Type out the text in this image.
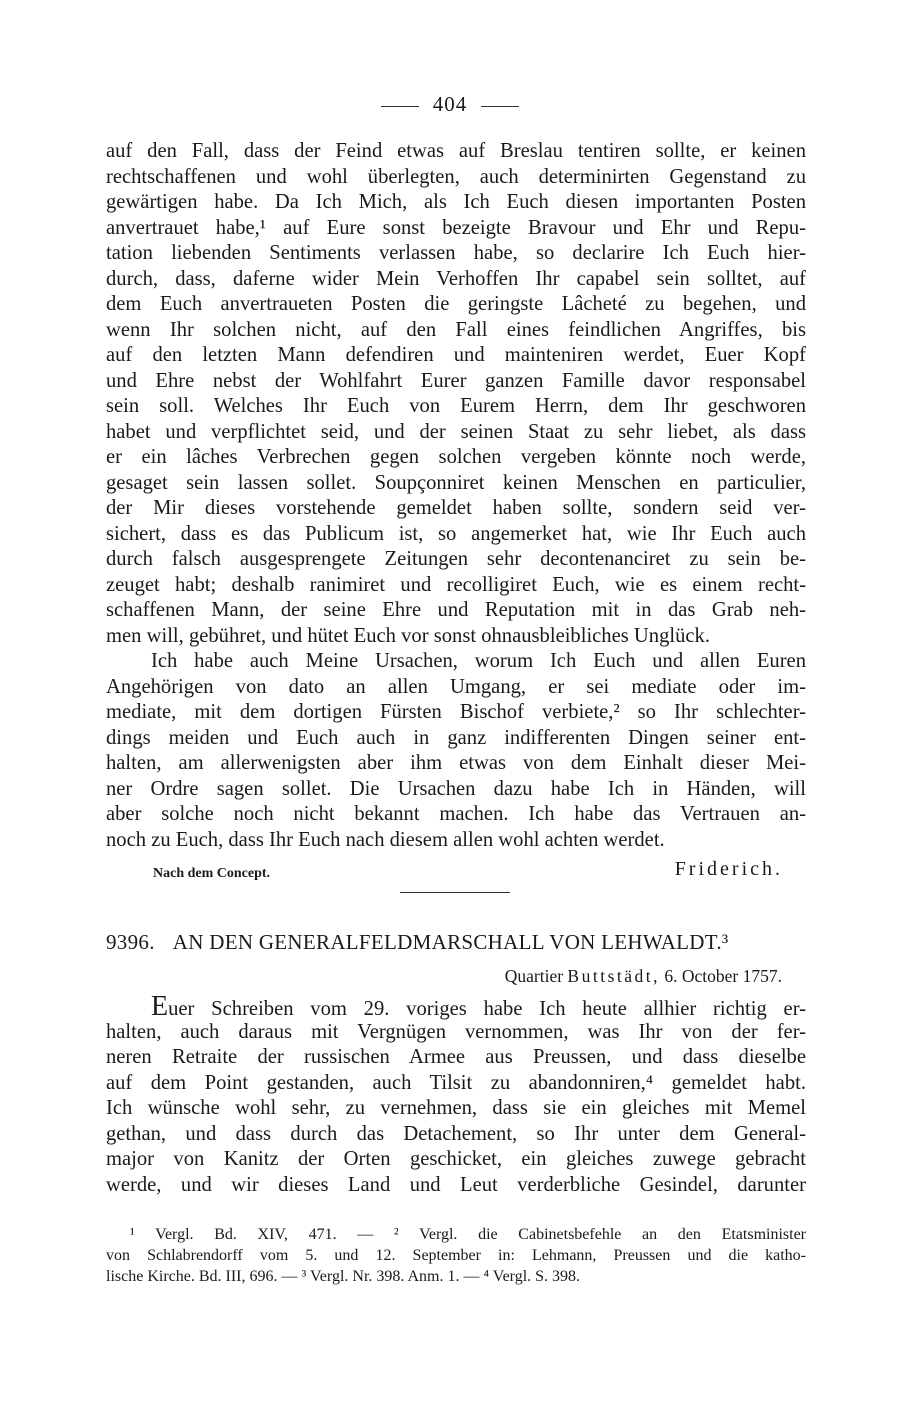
404
auf den Fall, dass der Feind etwas auf Breslau tentiren sollte, er keinen
rechtschaffenen und wohl überlegten, auch determinirten Gegenstand zu
gewärtigen habe. Da Ich Mich, als Ich Euch diesen importanten Posten
anvertrauet habe,¹ auf Eure sonst bezeigte Bravour und Ehr und Repu-
tation liebenden Sentiments verlassen habe, so declarire Ich Euch hier-
durch, dass, daferne wider Mein Verhoffen Ihr capabel sein solltet, auf
dem Euch anvertraueten Posten die geringste Lâcheté zu begehen, und
wenn Ihr solchen nicht, auf den Fall eines feindlichen Angriffes, bis
auf den letzten Mann defendiren und mainteniren werdet, Euer Kopf
und Ehre nebst der Wohlfahrt Eurer ganzen Famille davor responsabel
sein soll. Welches Ihr Euch von Eurem Herrn, dem Ihr geschworen
habet und verpflichtet seid, und der seinen Staat zu sehr liebet, als dass
er ein lâches Verbrechen gegen solchen vergeben könnte noch werde,
gesaget sein lassen sollet. Soupçonniret keinen Menschen en particulier,
der Mir dieses vorstehende gemeldet haben sollte, sondern seid ver-
sichert, dass es das Publicum ist, so angemerket hat, wie Ihr Euch auch
durch falsch ausgesprengete Zeitungen sehr decontenanciret zu sein be-
zeuget habt; deshalb ranimiret und recolligiret Euch, wie es einem recht-
schaffenen Mann, der seine Ehre und Reputation mit in das Grab neh-
men will, gebühret, und hütet Euch vor sonst ohnausbleibliches Unglück.
Ich habe auch Meine Ursachen, worum Ich Euch und allen Euren
Angehörigen von dato an allen Umgang, er sei mediate oder im-
mediate, mit dem dortigen Fürsten Bischof verbiete,² so Ihr schlechter-
dings meiden und Euch auch in ganz indifferenten Dingen seiner ent-
halten, am allerwenigsten aber ihm etwas von dem Einhalt dieser Mei-
ner Ordre sagen sollet. Die Ursachen dazu habe Ich in Händen, will
aber solche noch nicht bekannt machen. Ich habe das Vertrauen an-
noch zu Euch, dass Ihr Euch nach diesem allen wohl achten werdet.
Nach dem Concept.	Friderich.
9396. AN DEN GENERALFELDMARSCHALL VON LEHWALDT.³
Quartier Buttstädt, 6. October 1757.
Euer Schreiben vom 29. voriges habe Ich heute allhier richtig er-
halten, auch daraus mit Vergnügen vernommen, was Ihr von der fer-
neren Retraite der russischen Armee aus Preussen, und dass dieselbe
auf dem Point gestanden, auch Tilsit zu abandonniren,⁴ gemeldet habt.
Ich wünsche wohl sehr, zu vernehmen, dass sie ein gleiches mit Memel
gethan, und dass durch das Detachement, so Ihr unter dem General-
major von Kanitz der Orten geschicket, ein gleiches zuwege gebracht
werde, und wir dieses Land und Leut verderbliche Gesindel, darunter
¹ Vergl. Bd. XIV, 471. — ² Vergl. die Cabinetsbefehle an den Etatsminister
von Schlabrendorff vom 5. und 12. September in: Lehmann, Preussen und die katho-
lische Kirche. Bd. III, 696. — ³ Vergl. Nr. 398. Anm. 1. — ⁴ Vergl. S. 398.
